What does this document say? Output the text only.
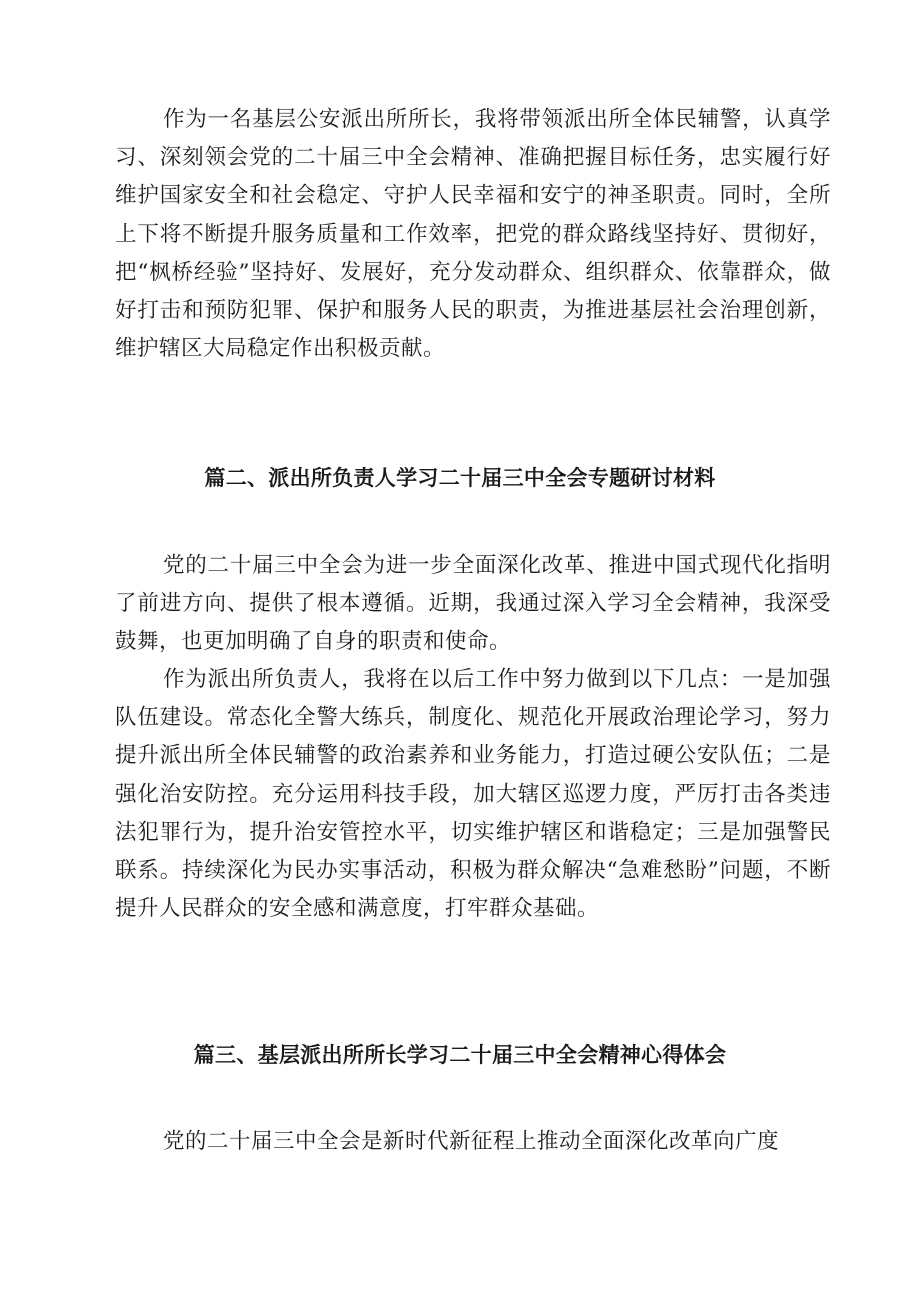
作为一名基层公安派出所所长，我将带领派出所全体民辅警，认真学习、深刻领会党的二十届三中全会精神、准确把握目标任务，忠实履行好维护国家安全和社会稳定、守护人民幸福和安宁的神圣职责。同时，全所上下将不断提升服务质量和工作效率，把党的群众路线坚持好、贯彻好，把“枫桥经验”坚持好、发展好，充分发动群众、组织群众、依靠群众，做好打击和预防犯罪、保护和服务人民的职责，为推进基层社会治理创新，维护辖区大局稳定作出积极贡献。

篇二、派出所负责人学习二十届三中全会专题研讨材料

党的二十届三中全会为进一步全面深化改革、推进中国式现代化指明了前进方向、提供了根本遵循。近期，我通过深入学习全会精神，我深受鼓舞，也更加明确了自身的职责和使命。

作为派出所负责人，我将在以后工作中努力做到以下几点：一是加强队伍建设。常态化全警大练兵，制度化、规范化开展政治理论学习，努力提升派出所全体民辅警的政治素养和业务能力，打造过硬公安队伍；二是强化治安防控。充分运用科技手段，加大辖区巡逻力度，严厉打击各类违法犯罪行为，提升治安管控水平，切实维护辖区和谐稳定；三是加强警民联系。持续深化为民办实事活动，积极为群众解决“急难愁盼”问题，不断提升人民群众的安全感和满意度，打牢群众基础。

篇三、基层派出所所长学习二十届三中全会精神心得体会

党的二十届三中全会是新时代新征程上推动全面深化改革向广度
